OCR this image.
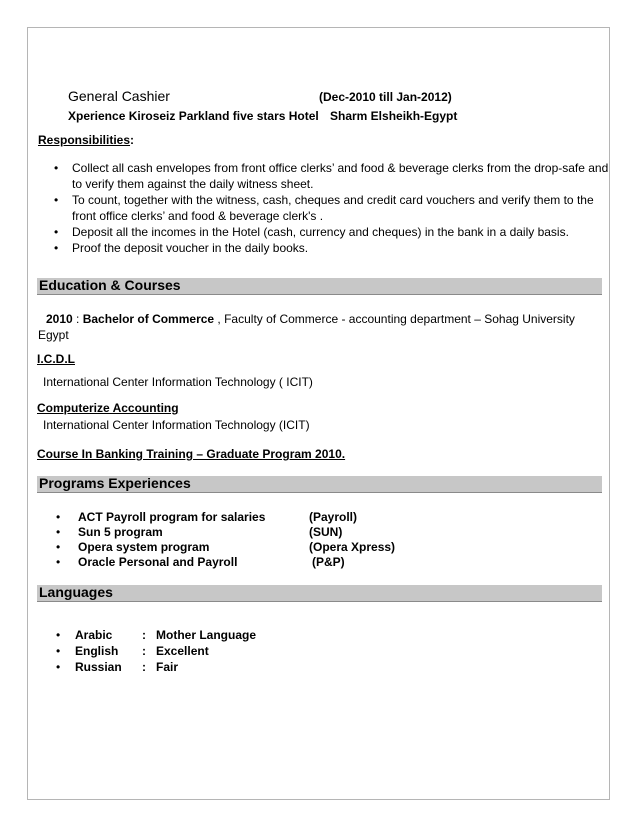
General Cashier	(Dec-2010 till Jan-2012)
Xperience Kiroseiz Parkland five stars Hotel Sharm Elsheikh-Egypt
Responsibilities:
• Collect all cash envelopes from front office clerks’ and food & beverage clerks from the drop-safe and to verify them against the daily witness sheet.
• To count, together with the witness, cash, cheques and credit card vouchers and verify them to the front office clerks’ and food & beverage clerk's .
• Deposit all the incomes in the Hotel (cash, currency and cheques) in the bank in a daily basis.
• Proof the deposit voucher in the daily books.
Education & Courses
2010 : Bachelor of Commerce , Faculty of Commerce - accounting department – Sohag University
Egypt
I.C.D.L
International Center Information Technology ( ICIT)
Computerize Accounting
International Center Information Technology (ICIT)
Course In Banking Training – Graduate Program 2010.
Programs Experiences
• ACT Payroll program for salaries	(Payroll)
• Sun 5 program	(SUN)
• Opera system program	(Opera Xpress)
• Oracle Personal and Payroll	(P&P)
Languages
• Arabic : Mother Language
• English : Excellent
• Russian : Fair
